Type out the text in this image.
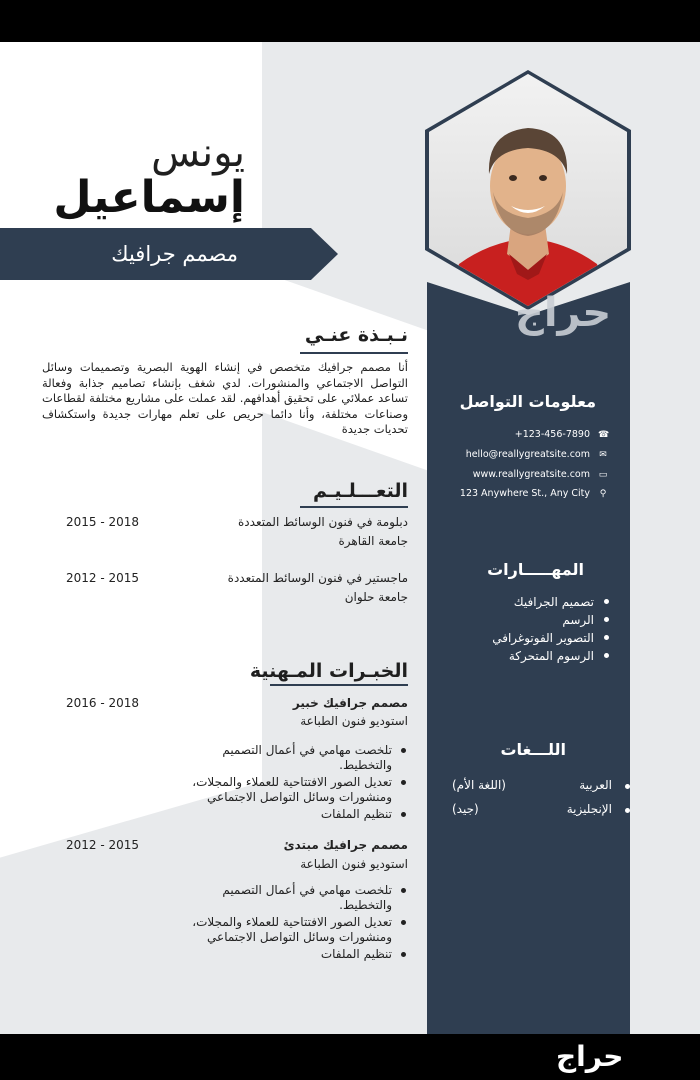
حراج
يونس
إسماعيل
مصمم جرافيك
نـبـذة عنـي
أنا مصمم جرافيك متخصص في إنشاء الهوية البصرية وتصميمات وسائل التواصل الاجتماعي والمنشورات. لدي شغف بإنشاء تصاميم جذابة وفعالة تساعد عملائي على تحقيق أهدافهم. لقد عملت على مشاريع مختلفة لقطاعات وصناعات مختلفة، وأنا دائما حريص على تعلم مهارات جديدة واستكشاف تحديات جديدة
التعـــلـيـم
دبلومة في فنون الوسائط المتعددة
2015 - 2018
جامعة القاهرة
ماجستير في فنون الوسائط المتعددة
2012 - 2015
جامعة حلوان
الخبـرات المـهنية
مصمم جرافيك خبير
2016 - 2018
استوديو فنون الطباعة
تلخصت مهامي في أعمال التصميم والتخطيط.
تعديل الصور الافتتاحية للعملاء والمجلات، ومنشورات وسائل التواصل الاجتماعي
تنظيم الملفات
مصمم جرافيك مبتدئ
2012 - 2015
استوديو فنون الطباعة
تلخصت مهامي في أعمال التصميم والتخطيط.
تعديل الصور الافتتاحية للعملاء والمجلات، ومنشورات وسائل التواصل الاجتماعي
تنظيم الملفات
معلومات التواصل
+123-456-7890 ☎
hello@reallygreatsite.com ✉
www.reallygreatsite.com ▭
123 Anywhere St., Any City ⚲
المهـــــارات
تصميم الجرافيك
الرسم
التصوير الفوتوغرافي
الرسوم المتحركة
اللـــغات
العربية
(اللغة الأم)
الإنجليزية
(جيد)
حراج
